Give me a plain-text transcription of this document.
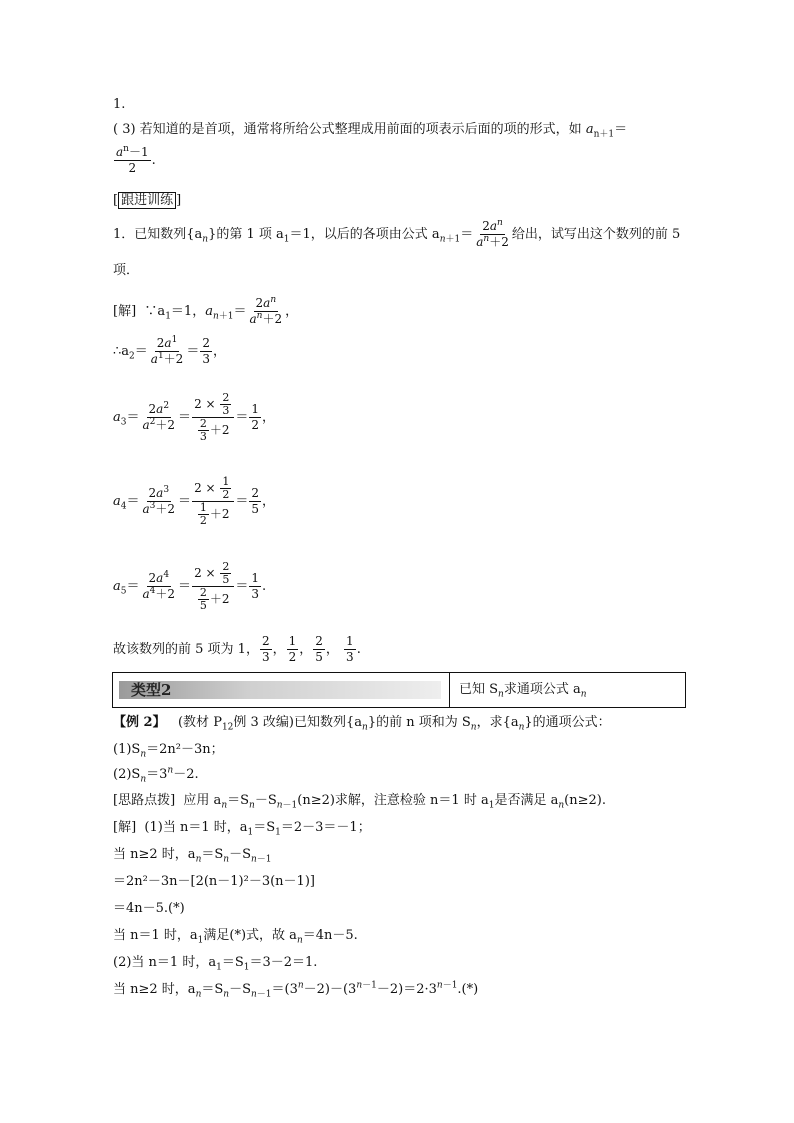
1.
( 3) 若知道的是首项，通常将所给公式整理成用前面的项表示后面的项的形式，如 $a_{n+1}=$
$\frac{a^n-1}{2}$ .
[ 跟进训练 ]
1．已知数列$\{a_n\}$的第 1 项 $a_1=1$，以后的各项由公式 $a_{n+1}= \frac{2a^n}{a^n+2}$ 给出，试写出这个数列的前 5
项．
[解] $\because a_1=1$，$a_{n+1}= \frac{2a^n}{a^n+2}$ ，
$\therefore a_2= \frac{2a^1}{a^1+2} = \frac{2}{3}$ ，
$a_3= \frac{2a^2}{a^2+2} = \frac{2 \times \frac{2}{3}}{\frac{2}{3} +2} = \frac{1}{2}$ ，
$a_4= \frac{2a^3}{a^3+2} = \frac{2 \times \frac{1}{2}}{\frac{1}{2} +2} = \frac{2}{5}$ ，
$a_5= \frac{2a^4}{a^4+2} = \frac{2 \times \frac{2}{5}}{\frac{2}{5} +2} = \frac{1}{3}$ .
故该数列的前 5 项为 1， $\frac{2}{3}$ ， $\frac{1}{2}$ ， $\frac{2}{5}$ ， $\frac{1}{3}$ .
类型2	已知 $S_n$求通项公式 $a_n$
【例 2】 (教材 $P_{12}$例 3 改编)已知数列$\{a_n\}$的前 n 项和为 $S_n$，求$\{a_n\}$的通项公式：
$(1)S_n=2n^2-3n$；
$(2)S_n=3^n-2$.
[思路点拨] 应用 $a_n=S_n-S_{n-1}(n\ge 2)$求解，注意检验 n＝1 时 $a_1$是否满足 $a_n(n\ge 2)$.
[解] (1)当 n＝1 时，$a_1=S_1=2-3=-1$；
当 n≥2 时，$a_n=S_n-S_{n-1}$
＝2n²－3n－[2(n－1)²－3(n－1)]
＝4n－5.(*)
当 n＝1 时，$a_1$满足(*)式，故 $a_n=4n-5$.
(2)当 n＝1 时，$a_1=S_1=3-2=1$.
当 n≥2 时，$a_n=S_n-S_{n-1}=(3^n-2)-(3^{n-1}-2)=2\cdot 3^{n-1}.(*)$
